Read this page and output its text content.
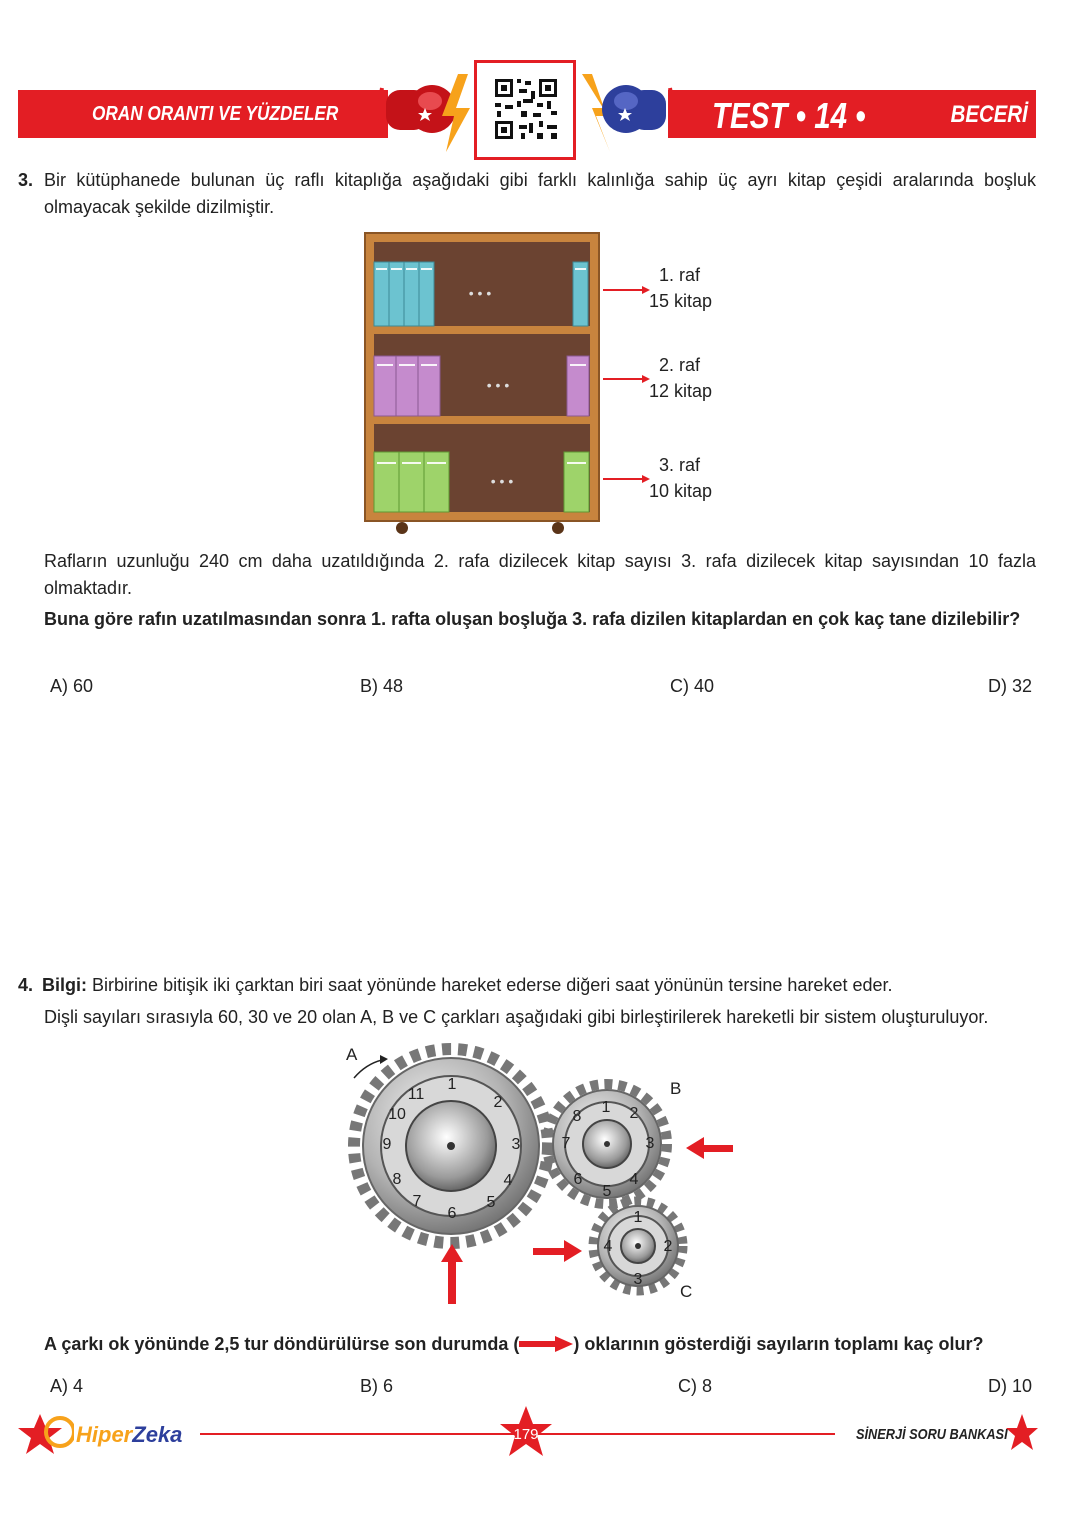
ORAN ORANTI VE YÜZDELER	TEST • 14 •	BECERİ
3. Bir kütüphanede bulunan üç raflı kitaplığa aşağıdaki gibi farklı kalınlığa sahip üç ayrı kitap çeşidi aralarında boşluk olmayacak şekilde dizilmiştir.
• • •
• • •
• • •
1. raf
15 kitap
2. raf
12 kitap
3. raf
10 kitap
Rafların uzunluğu 240 cm daha uzatıldığında 2. rafa dizilecek kitap sayısı 3. rafa dizilecek kitap sayısından 10 fazla olmaktadır.
Buna göre rafın uzatılmasından sonra 1. rafta oluşan boşluğa 3. rafa dizilen kitaplardan en çok kaç tane dizilebilir?
A) 60	B) 48	C) 40	D) 32
4. Bilgi: Birbirine bitişik iki çarktan biri saat yönünde hareket ederse diğeri saat yönünün tersine hareket eder.
Dişli sayıları sırasıyla 60, 30 ve 20 olan A, B ve C çarkları aşağıdaki gibi birleştirilerek hareketli bir sistem oluşturuluyor.
1
2
3
4
5
6
7
8
9
10
11
1 2
3
4
5
6
7
8
1
2
3
4
A
B
C
A çarkı ok yönünde 2,5 tur döndürülürse son durumda (	) oklarının gösterdiği sayıların toplamı kaç olur?
A) 4	B) 6	C) 8	D) 10
HiperZeka	179	SİNERJİ SORU BANKASI
